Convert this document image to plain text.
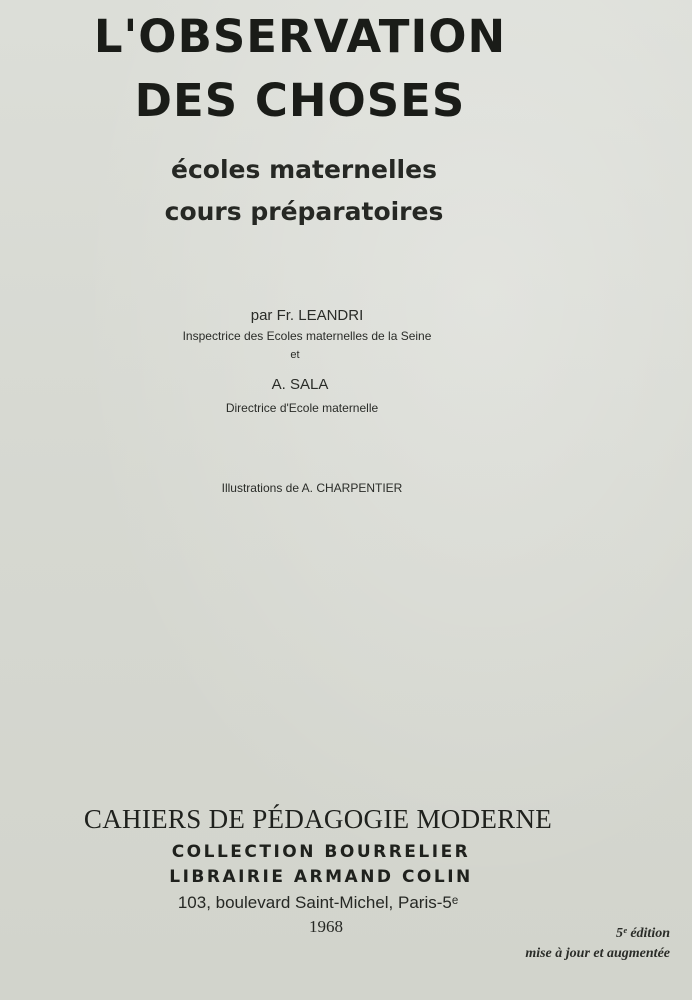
L'OBSERVATION
DES CHOSES
écoles maternelles
cours préparatoires
par Fr. LEANDRI
Inspectrice des Ecoles maternelles de la Seine
et
A. SALA
Directrice d'Ecole maternelle
Illustrations de A. CHARPENTIER
CAHIERS DE PÉDAGOGIE MODERNE
COLLECTION BOURRELIER
LIBRAIRIE ARMAND COLIN
103, boulevard Saint-Michel, Paris-5ᵉ
1968	5ᵉ édition
mise à jour et augmentée
